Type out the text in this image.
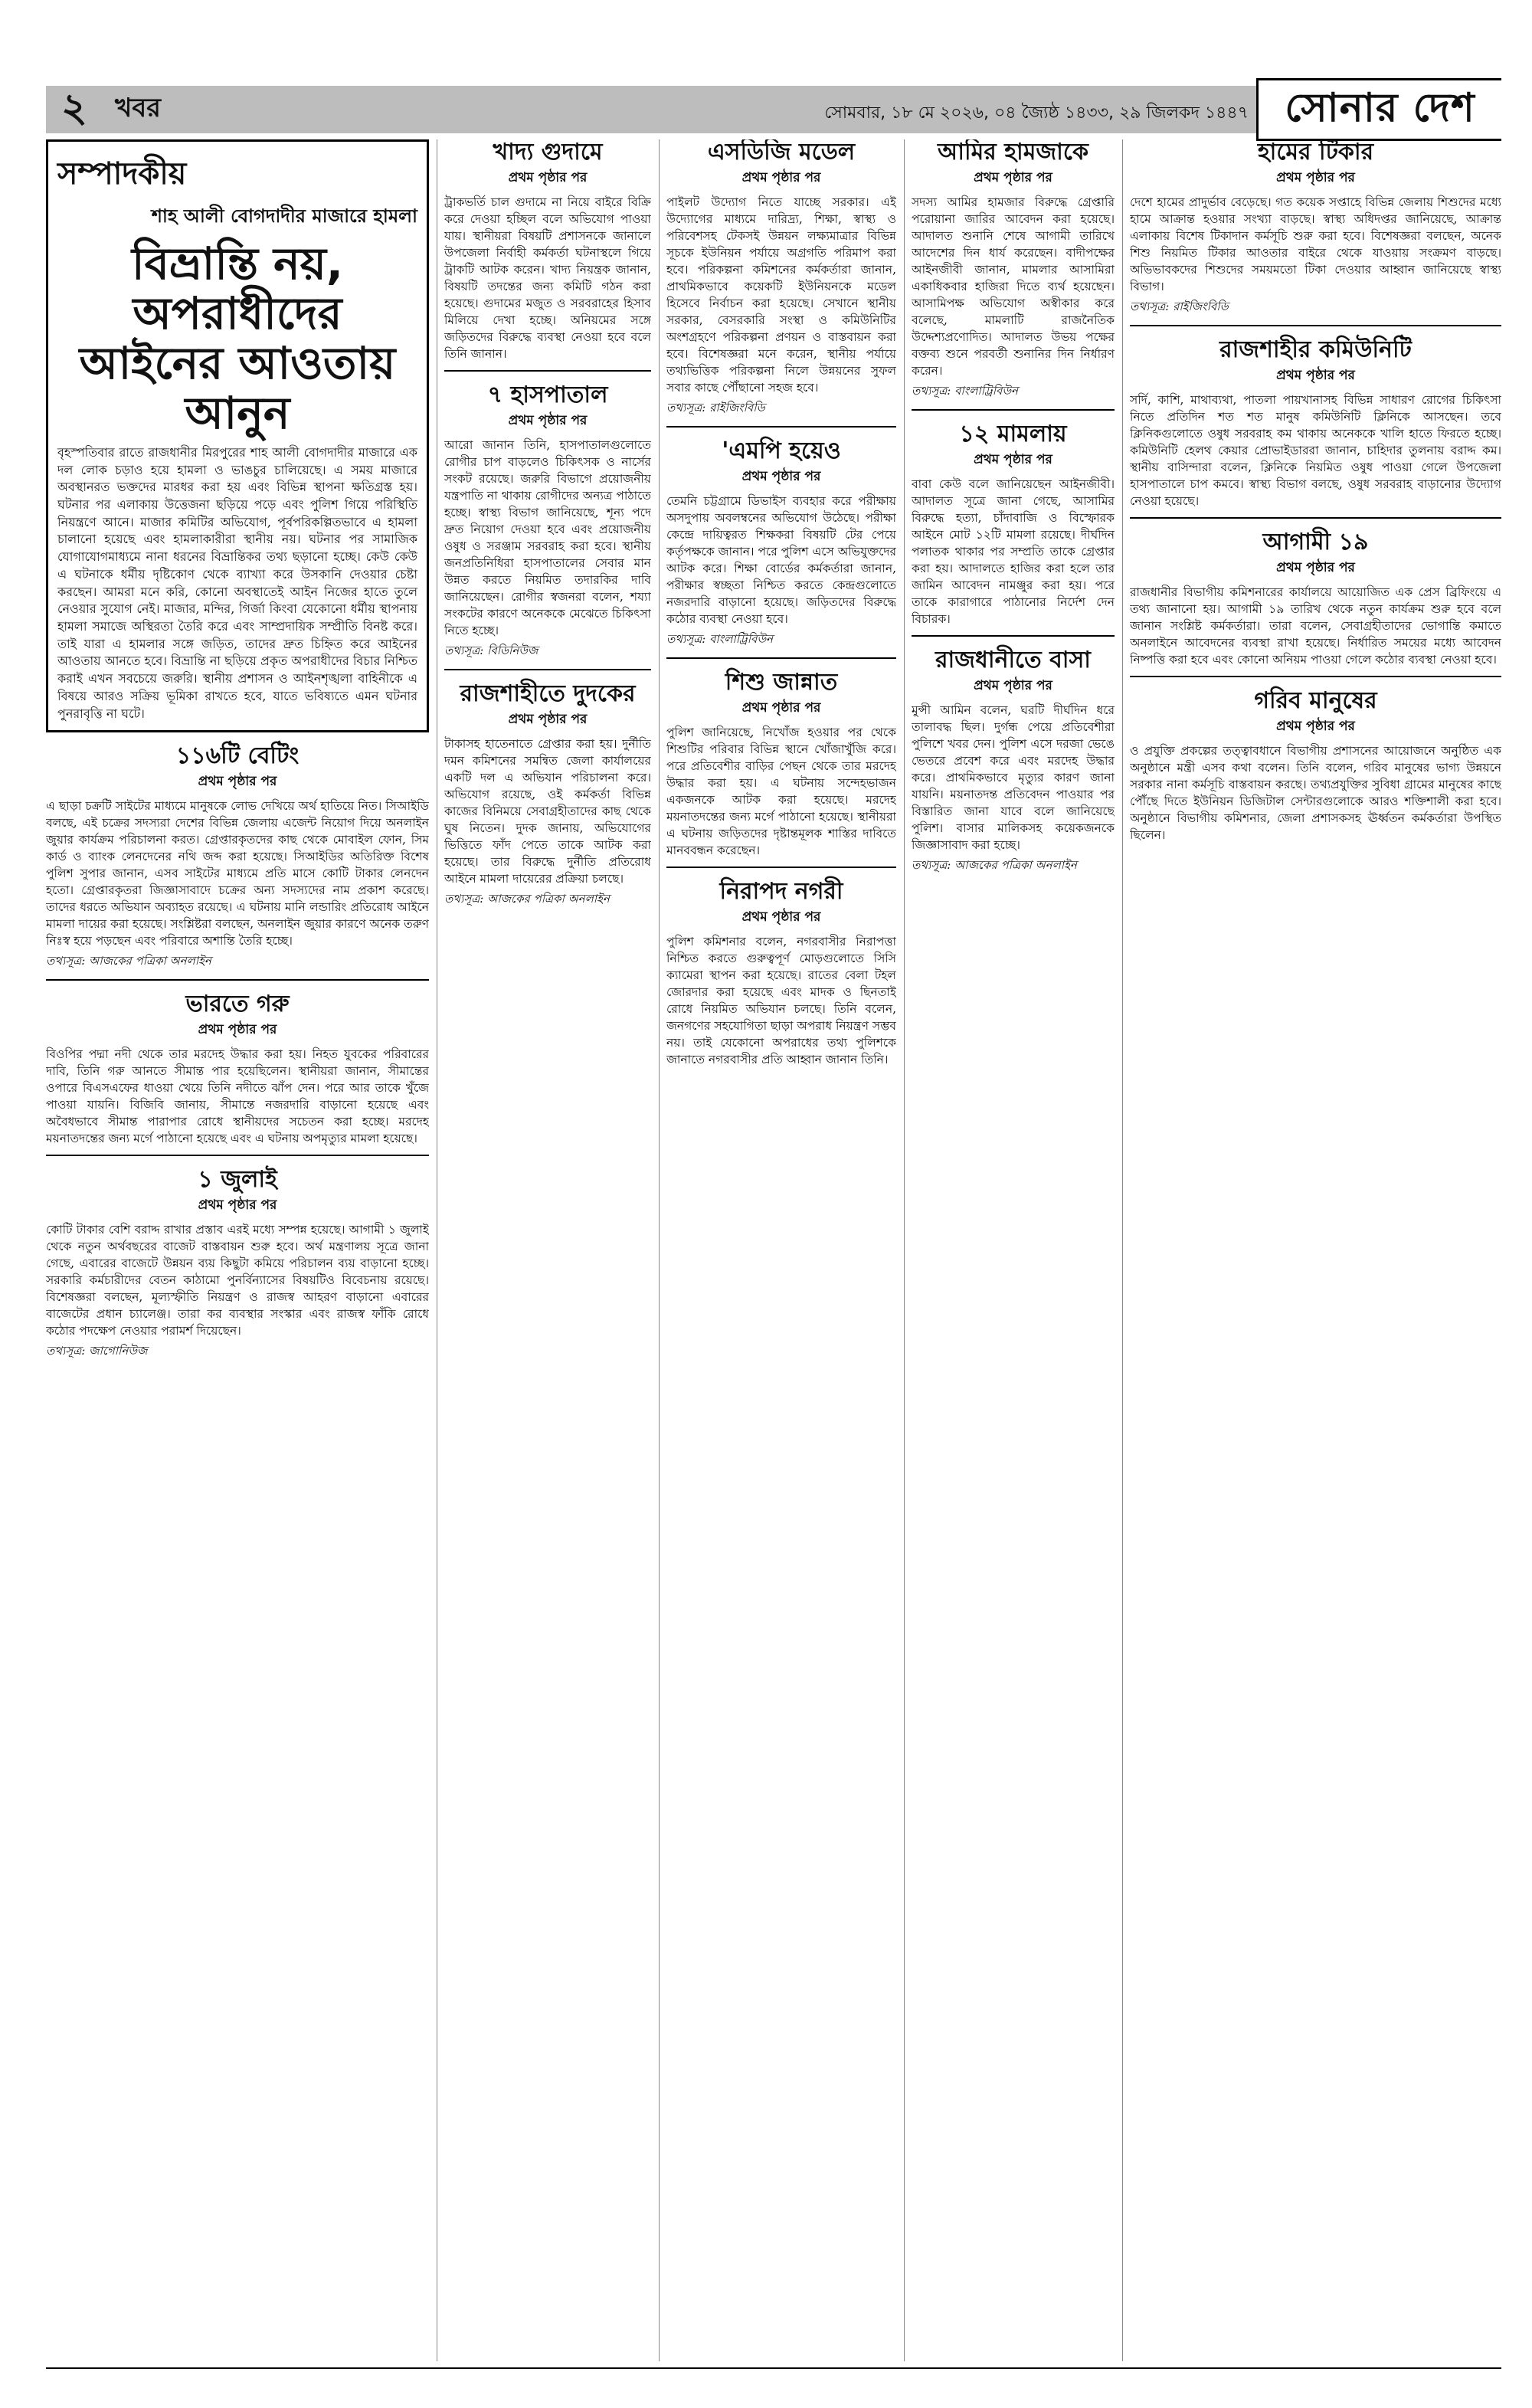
২	খবর	সোমবার, ১৮ মে ২০২৬, ০৪ জ্যৈষ্ঠ ১৪৩৩, ২৯ জিলকদ ১৪৪৭ সোনার দেশ
সম্পাদকীয়
শাহ আলী বোগদাদীর মাজারে হামলা
বিভ্রান্তি নয়, অপরাধীদের আইনের আওতায় আনুন
বৃহস্পতিবার রাতে রাজধানীর মিরপুরের শাহ আলী বোগদাদীর মাজারে এক দল লোক চড়াও হয়ে হামলা ও ভাঙচুর চালিয়েছে। এ সময় মাজারে অবস্থানরত ভক্তদের মারধর করা হয় এবং বিভিন্ন স্থাপনা ক্ষতিগ্রস্ত হয়। ঘটনার পর এলাকায় উত্তেজনা ছড়িয়ে পড়ে এবং পুলিশ গিয়ে পরিস্থিতি নিয়ন্ত্রণে আনে। মাজার কমিটির অভিযোগ, পূর্বপরিকল্পিতভাবে এ হামলা চালানো হয়েছে এবং হামলাকারীরা স্থানীয় নয়। ঘটনার পর সামাজিক যোগাযোগমাধ্যমে নানা ধরনের বিভ্রান্তিকর তথ্য ছড়ানো হচ্ছে। কেউ কেউ এ ঘটনাকে ধর্মীয় দৃষ্টিকোণ থেকে ব্যাখ্যা করে উসকানি দেওয়ার চেষ্টা করছেন। আমরা মনে করি, কোনো অবস্থাতেই আইন নিজের হাতে তুলে নেওয়ার সুযোগ নেই। মাজার, মন্দির, গির্জা কিংবা যেকোনো ধর্মীয় স্থাপনায় হামলা সমাজে অস্থিরতা তৈরি করে এবং সাম্প্রদায়িক সম্প্রীতি বিনষ্ট করে। তাই যারা এ হামলার সঙ্গে জড়িত, তাদের দ্রুত চিহ্নিত করে আইনের আওতায় আনতে হবে। বিভ্রান্তি না ছড়িয়ে প্রকৃত অপরাধীদের বিচার নিশ্চিত করাই এখন সবচেয়ে জরুরি। স্থানীয় প্রশাসন ও আইনশৃঙ্খলা বাহিনীকে এ বিষয়ে আরও সক্রিয় ভূমিকা রাখতে হবে, যাতে ভবিষ্যতে এমন ঘটনার পুনরাবৃত্তি না ঘটে।
১১৬টি বেটিং
প্রথম পৃষ্ঠার পর
এ ছাড়া চক্রটি সাইটের মাধ্যমে মানুষকে লোভ দেখিয়ে অর্থ হাতিয়ে নিত। সিআইডি বলছে, এই চক্রের সদস্যরা দেশের বিভিন্ন জেলায় এজেন্ট নিয়োগ দিয়ে অনলাইন জুয়ার কার্যক্রম পরিচালনা করত। গ্রেপ্তারকৃতদের কাছ থেকে মোবাইল ফোন, সিম কার্ড ও ব্যাংক লেনদেনের নথি জব্দ করা হয়েছে। সিআইডির অতিরিক্ত বিশেষ পুলিশ সুপার জানান, এসব সাইটের মাধ্যমে প্রতি মাসে কোটি টাকার লেনদেন হতো। গ্রেপ্তারকৃতরা জিজ্ঞাসাবাদে চক্রের অন্য সদস্যদের নাম প্রকাশ করেছে। তাদের ধরতে অভিযান অব্যাহত রয়েছে। এ ঘটনায় মানি লন্ডারিং প্রতিরোধ আইনে মামলা দায়ের করা হয়েছে। সংশ্লিষ্টরা বলছেন, অনলাইন জুয়ার কারণে অনেক তরুণ নিঃস্ব হয়ে পড়ছেন এবং পরিবারে অশান্তি তৈরি হচ্ছে।
তথ্যসূত্র: আজকের পত্রিকা অনলাইন
ভারতে গরু
প্রথম পৃষ্ঠার পর
বিওপির পদ্মা নদী থেকে তার মরদেহ উদ্ধার করা হয়। নিহত যুবকের পরিবারের দাবি, তিনি গরু আনতে সীমান্ত পার হয়েছিলেন। স্থানীয়রা জানান, সীমান্তের ওপারে বিএসএফের ধাওয়া খেয়ে তিনি নদীতে ঝাঁপ দেন। পরে আর তাকে খুঁজে পাওয়া যায়নি। বিজিবি জানায়, সীমান্তে নজরদারি বাড়ানো হয়েছে এবং অবৈধভাবে সীমান্ত পারাপার রোধে স্থানীয়দের সচেতন করা হচ্ছে। মরদেহ ময়নাতদন্তের জন্য মর্গে পাঠানো হয়েছে এবং এ ঘটনায় অপমৃত্যুর মামলা হয়েছে।
১ জুলাই
প্রথম পৃষ্ঠার পর
কোটি টাকার বেশি বরাদ্দ রাখার প্রস্তাব এরই মধ্যে সম্পন্ন হয়েছে। আগামী ১ জুলাই থেকে নতুন অর্থবছরের বাজেট বাস্তবায়ন শুরু হবে। অর্থ মন্ত্রণালয় সূত্রে জানা গেছে, এবারের বাজেটে উন্নয়ন ব্যয় কিছুটা কমিয়ে পরিচালন ব্যয় বাড়ানো হচ্ছে। সরকারি কর্মচারীদের বেতন কাঠামো পুনর্বিন্যাসের বিষয়টিও বিবেচনায় রয়েছে। বিশেষজ্ঞরা বলছেন, মূল্যস্ফীতি নিয়ন্ত্রণ ও রাজস্ব আহরণ বাড়ানো এবারের বাজেটের প্রধান চ্যালেঞ্জ। তারা কর ব্যবস্থার সংস্কার এবং রাজস্ব ফাঁকি রোধে কঠোর পদক্ষেপ নেওয়ার পরামর্শ দিয়েছেন।
তথ্যসূত্র: জাগোনিউজ
খাদ্য গুদামে
প্রথম পৃষ্ঠার পর
ট্রাকভর্তি চাল গুদামে না নিয়ে বাইরে বিক্রি করে দেওয়া হচ্ছিল বলে অভিযোগ পাওয়া যায়। স্থানীয়রা বিষয়টি প্রশাসনকে জানালে উপজেলা নির্বাহী কর্মকর্তা ঘটনাস্থলে গিয়ে ট্রাকটি আটক করেন। খাদ্য নিয়ন্ত্রক জানান, বিষয়টি তদন্তের জন্য কমিটি গঠন করা হয়েছে। গুদামের মজুত ও সরবরাহের হিসাব মিলিয়ে দেখা হচ্ছে। অনিয়মের সঙ্গে জড়িতদের বিরুদ্ধে ব্যবস্থা নেওয়া হবে বলে তিনি জানান।
৭ হাসপাতাল
প্রথম পৃষ্ঠার পর
আরো জানান তিনি, হাসপাতালগুলোতে রোগীর চাপ বাড়লেও চিকিৎসক ও নার্সের সংকট রয়েছে। জরুরি বিভাগে প্রয়োজনীয় যন্ত্রপাতি না থাকায় রোগীদের অন্যত্র পাঠাতে হচ্ছে। স্বাস্থ্য বিভাগ জানিয়েছে, শূন্য পদে দ্রুত নিয়োগ দেওয়া হবে এবং প্রয়োজনীয় ওষুধ ও সরঞ্জাম সরবরাহ করা হবে। স্থানীয় জনপ্রতিনিধিরা হাসপাতালের সেবার মান উন্নত করতে নিয়মিত তদারকির দাবি জানিয়েছেন। রোগীর স্বজনরা বলেন, শয্যা সংকটের কারণে অনেককে মেঝেতে চিকিৎসা নিতে হচ্ছে।
তথ্যসূত্র: বিডিনিউজ
রাজশাহীতে দুদকের
প্রথম পৃষ্ঠার পর
টাকাসহ হাতেনাতে গ্রেপ্তার করা হয়। দুর্নীতি দমন কমিশনের সমন্বিত জেলা কার্যালয়ের একটি দল এ অভিযান পরিচালনা করে। অভিযোগ রয়েছে, ওই কর্মকর্তা বিভিন্ন কাজের বিনিময়ে সেবাগ্রহীতাদের কাছ থেকে ঘুষ নিতেন। দুদক জানায়, অভিযোগের ভিত্তিতে ফাঁদ পেতে তাকে আটক করা হয়েছে। তার বিরুদ্ধে দুর্নীতি প্রতিরোধ আইনে মামলা দায়েরের প্রক্রিয়া চলছে।
তথ্যসূত্র: আজকের পত্রিকা অনলাইন
এসডিজি মডেল
প্রথম পৃষ্ঠার পর
পাইলট উদ্যোগ নিতে যাচ্ছে সরকার। এই উদ্যোগের মাধ্যমে দারিদ্র্য, শিক্ষা, স্বাস্থ্য ও পরিবেশসহ টেকসই উন্নয়ন লক্ষ্যমাত্রার বিভিন্ন সূচকে ইউনিয়ন পর্যায়ে অগ্রগতি পরিমাপ করা হবে। পরিকল্পনা কমিশনের কর্মকর্তারা জানান, প্রাথমিকভাবে কয়েকটি ইউনিয়নকে মডেল হিসেবে নির্বাচন করা হয়েছে। সেখানে স্থানীয় সরকার, বেসরকারি সংস্থা ও কমিউনিটির অংশগ্রহণে পরিকল্পনা প্রণয়ন ও বাস্তবায়ন করা হবে। বিশেষজ্ঞরা মনে করেন, স্থানীয় পর্যায়ে তথ্যভিত্তিক পরিকল্পনা নিলে উন্নয়নের সুফল সবার কাছে পৌঁছানো সহজ হবে।
তথ্যসূত্র: রাইজিংবিডি
'এমপি হয়েও
প্রথম পৃষ্ঠার পর
তেমনি চট্টগ্রামে ডিভাইস ব্যবহার করে পরীক্ষায় অসদুপায় অবলম্বনের অভিযোগ উঠেছে। পরীক্ষা কেন্দ্রে দায়িত্বরত শিক্ষকরা বিষয়টি টের পেয়ে কর্তৃপক্ষকে জানান। পরে পুলিশ এসে অভিযুক্তদের আটক করে। শিক্ষা বোর্ডের কর্মকর্তারা জানান, পরীক্ষার স্বচ্ছতা নিশ্চিত করতে কেন্দ্রগুলোতে নজরদারি বাড়ানো হয়েছে। জড়িতদের বিরুদ্ধে কঠোর ব্যবস্থা নেওয়া হবে।
তথ্যসূত্র: বাংলাট্রিবিউন
শিশু জান্নাত
প্রথম পৃষ্ঠার পর
পুলিশ জানিয়েছে, নিখোঁজ হওয়ার পর থেকে শিশুটির পরিবার বিভিন্ন স্থানে খোঁজাখুঁজি করে। পরে প্রতিবেশীর বাড়ির পেছন থেকে তার মরদেহ উদ্ধার করা হয়। এ ঘটনায় সন্দেহভাজন একজনকে আটক করা হয়েছে। মরদেহ ময়নাতদন্তের জন্য মর্গে পাঠানো হয়েছে। স্থানীয়রা এ ঘটনায় জড়িতদের দৃষ্টান্তমূলক শাস্তির দাবিতে মানববন্ধন করেছেন।
নিরাপদ নগরী
প্রথম পৃষ্ঠার পর
পুলিশ কমিশনার বলেন, নগরবাসীর নিরাপত্তা নিশ্চিত করতে গুরুত্বপূর্ণ মোড়গুলোতে সিসি ক্যামেরা স্থাপন করা হয়েছে। রাতের বেলা টহল জোরদার করা হয়েছে এবং মাদক ও ছিনতাই রোধে নিয়মিত অভিযান চলছে। তিনি বলেন, জনগণের সহযোগিতা ছাড়া অপরাধ নিয়ন্ত্রণ সম্ভব নয়। তাই যেকোনো অপরাধের তথ্য পুলিশকে জানাতে নগরবাসীর প্রতি আহ্বান জানান তিনি।
আমির হামজাকে
প্রথম পৃষ্ঠার পর
সদস্য আমির হামজার বিরুদ্ধে গ্রেপ্তারি পরোয়ানা জারির আবেদন করা হয়েছে। আদালত শুনানি শেষে আগামী তারিখে আদেশের দিন ধার্য করেছেন। বাদীপক্ষের আইনজীবী জানান, মামলার আসামিরা একাধিকবার হাজিরা দিতে ব্যর্থ হয়েছেন। আসামিপক্ষ অভিযোগ অস্বীকার করে বলেছে, মামলাটি রাজনৈতিক উদ্দেশ্যপ্রণোদিত। আদালত উভয় পক্ষের বক্তব্য শুনে পরবর্তী শুনানির দিন নির্ধারণ করেন।
তথ্যসূত্র: বাংলাট্রিবিউন
১২ মামলায়
প্রথম পৃষ্ঠার পর
বাবা কেউ বলে জানিয়েছেন আইনজীবী। আদালত সূত্রে জানা গেছে, আসামির বিরুদ্ধে হত্যা, চাঁদাবাজি ও বিস্ফোরক আইনে মোট ১২টি মামলা রয়েছে। দীর্ঘদিন পলাতক থাকার পর সম্প্রতি তাকে গ্রেপ্তার করা হয়। আদালতে হাজির করা হলে তার জামিন আবেদন নামঞ্জুর করা হয়। পরে তাকে কারাগারে পাঠানোর নির্দেশ দেন বিচারক।
রাজধানীতে বাসা
প্রথম পৃষ্ঠার পর
মুন্সী আমিন বলেন, ঘরটি দীর্ঘদিন ধরে তালাবদ্ধ ছিল। দুর্গন্ধ পেয়ে প্রতিবেশীরা পুলিশে খবর দেন। পুলিশ এসে দরজা ভেঙে ভেতরে প্রবেশ করে এবং মরদেহ উদ্ধার করে। প্রাথমিকভাবে মৃত্যুর কারণ জানা যায়নি। ময়নাতদন্ত প্রতিবেদন পাওয়ার পর বিস্তারিত জানা যাবে বলে জানিয়েছে পুলিশ। বাসার মালিকসহ কয়েকজনকে জিজ্ঞাসাবাদ করা হচ্ছে।
তথ্যসূত্র: আজকের পত্রিকা অনলাইন
হামের টিকার
প্রথম পৃষ্ঠার পর
দেশে হামের প্রাদুর্ভাব বেড়েছে। গত কয়েক সপ্তাহে বিভিন্ন জেলায় শিশুদের মধ্যে হামে আক্রান্ত হওয়ার সংখ্যা বাড়ছে। স্বাস্থ্য অধিদপ্তর জানিয়েছে, আক্রান্ত এলাকায় বিশেষ টিকাদান কর্মসূচি শুরু করা হবে। বিশেষজ্ঞরা বলছেন, অনেক শিশু নিয়মিত টিকার আওতার বাইরে থেকে যাওয়ায় সংক্রমণ বাড়ছে। অভিভাবকদের শিশুদের সময়মতো টিকা দেওয়ার আহ্বান জানিয়েছে স্বাস্থ্য বিভাগ।
তথ্যসূত্র: রাইজিংবিডি
রাজশাহীর কমিউনিটি
প্রথম পৃষ্ঠার পর
সর্দি, কাশি, মাথাব্যথা, পাতলা পায়খানাসহ বিভিন্ন সাধারণ রোগের চিকিৎসা নিতে প্রতিদিন শত শত মানুষ কমিউনিটি ক্লিনিকে আসছেন। তবে ক্লিনিকগুলোতে ওষুধ সরবরাহ কম থাকায় অনেককে খালি হাতে ফিরতে হচ্ছে। কমিউনিটি হেলথ কেয়ার প্রোভাইডাররা জানান, চাহিদার তুলনায় বরাদ্দ কম। স্থানীয় বাসিন্দারা বলেন, ক্লিনিকে নিয়মিত ওষুধ পাওয়া গেলে উপজেলা হাসপাতালে চাপ কমবে। স্বাস্থ্য বিভাগ বলছে, ওষুধ সরবরাহ বাড়ানোর উদ্যোগ নেওয়া হয়েছে।
আগামী ১৯
প্রথম পৃষ্ঠার পর
রাজধানীর বিভাগীয় কমিশনারের কার্যালয়ে আয়োজিত এক প্রেস ব্রিফিংয়ে এ তথ্য জানানো হয়। আগামী ১৯ তারিখ থেকে নতুন কার্যক্রম শুরু হবে বলে জানান সংশ্লিষ্ট কর্মকর্তারা। তারা বলেন, সেবাগ্রহীতাদের ভোগান্তি কমাতে অনলাইনে আবেদনের ব্যবস্থা রাখা হয়েছে। নির্ধারিত সময়ের মধ্যে আবেদন নিষ্পত্তি করা হবে এবং কোনো অনিয়ম পাওয়া গেলে কঠোর ব্যবস্থা নেওয়া হবে।
গরিব মানুষের
প্রথম পৃষ্ঠার পর
ও প্রযুক্তি প্রকল্পের তত্ত্বাবধানে বিভাগীয় প্রশাসনের আয়োজনে অনুষ্ঠিত এক অনুষ্ঠানে মন্ত্রী এসব কথা বলেন। তিনি বলেন, গরিব মানুষের ভাগ্য উন্নয়নে সরকার নানা কর্মসূচি বাস্তবায়ন করছে। তথ্যপ্রযুক্তির সুবিধা গ্রামের মানুষের কাছে পৌঁছে দিতে ইউনিয়ন ডিজিটাল সেন্টারগুলোকে আরও শক্তিশালী করা হবে। অনুষ্ঠানে বিভাগীয় কমিশনার, জেলা প্রশাসকসহ ঊর্ধ্বতন কর্মকর্তারা উপস্থিত ছিলেন।
